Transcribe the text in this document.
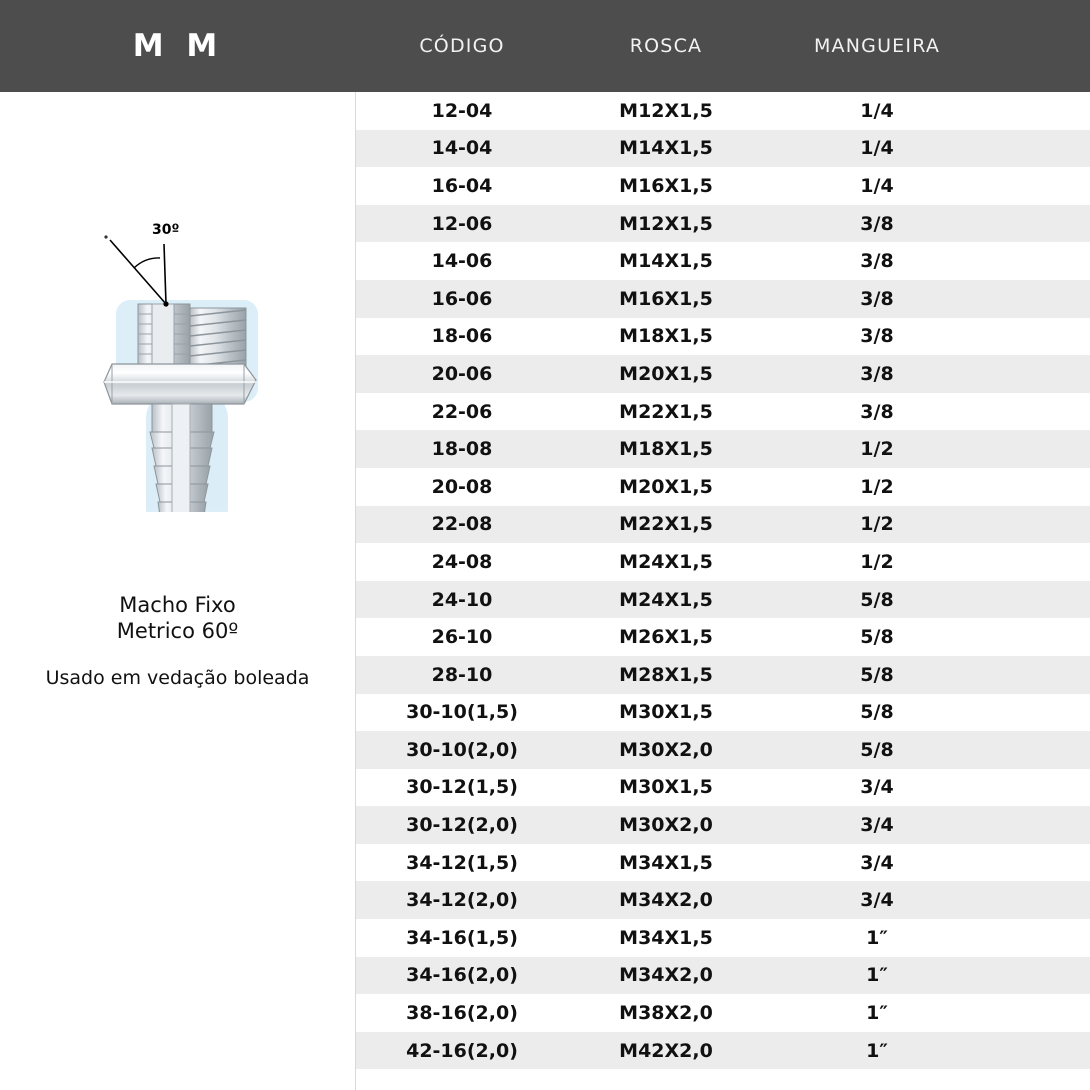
M M	CÓDIGO	ROSCA	MANGUEIRA
30º
Macho Fixo
Metrico 60º
Usado em vedação boleada
12-04	M12X1,5	1/4	
14-04	M14X1,5	1/4	
16-04	M16X1,5	1/4	
12-06	M12X1,5	3/8	
14-06	M14X1,5	3/8	
16-06	M16X1,5	3/8	
18-06	M18X1,5	3/8	
20-06	M20X1,5	3/8	
22-06	M22X1,5	3/8	
18-08	M18X1,5	1/2	
20-08	M20X1,5	1/2	
22-08	M22X1,5	1/2	
24-08	M24X1,5	1/2	
24-10	M24X1,5	5/8	
26-10	M26X1,5	5/8	
28-10	M28X1,5	5/8	
30-10(1,5)	M30X1,5	5/8	
30-10(2,0)	M30X2,0	5/8	
30-12(1,5)	M30X1,5	3/4	
30-12(2,0)	M30X2,0	3/4	
34-12(1,5)	M34X1,5	3/4	
34-12(2,0)	M34X2,0	3/4	
34-16(1,5)	M34X1,5	1″	
34-16(2,0)	M34X2,0	1″	
38-16(2,0)	M38X2,0	1″	
42-16(2,0)	M42X2,0	1″	
